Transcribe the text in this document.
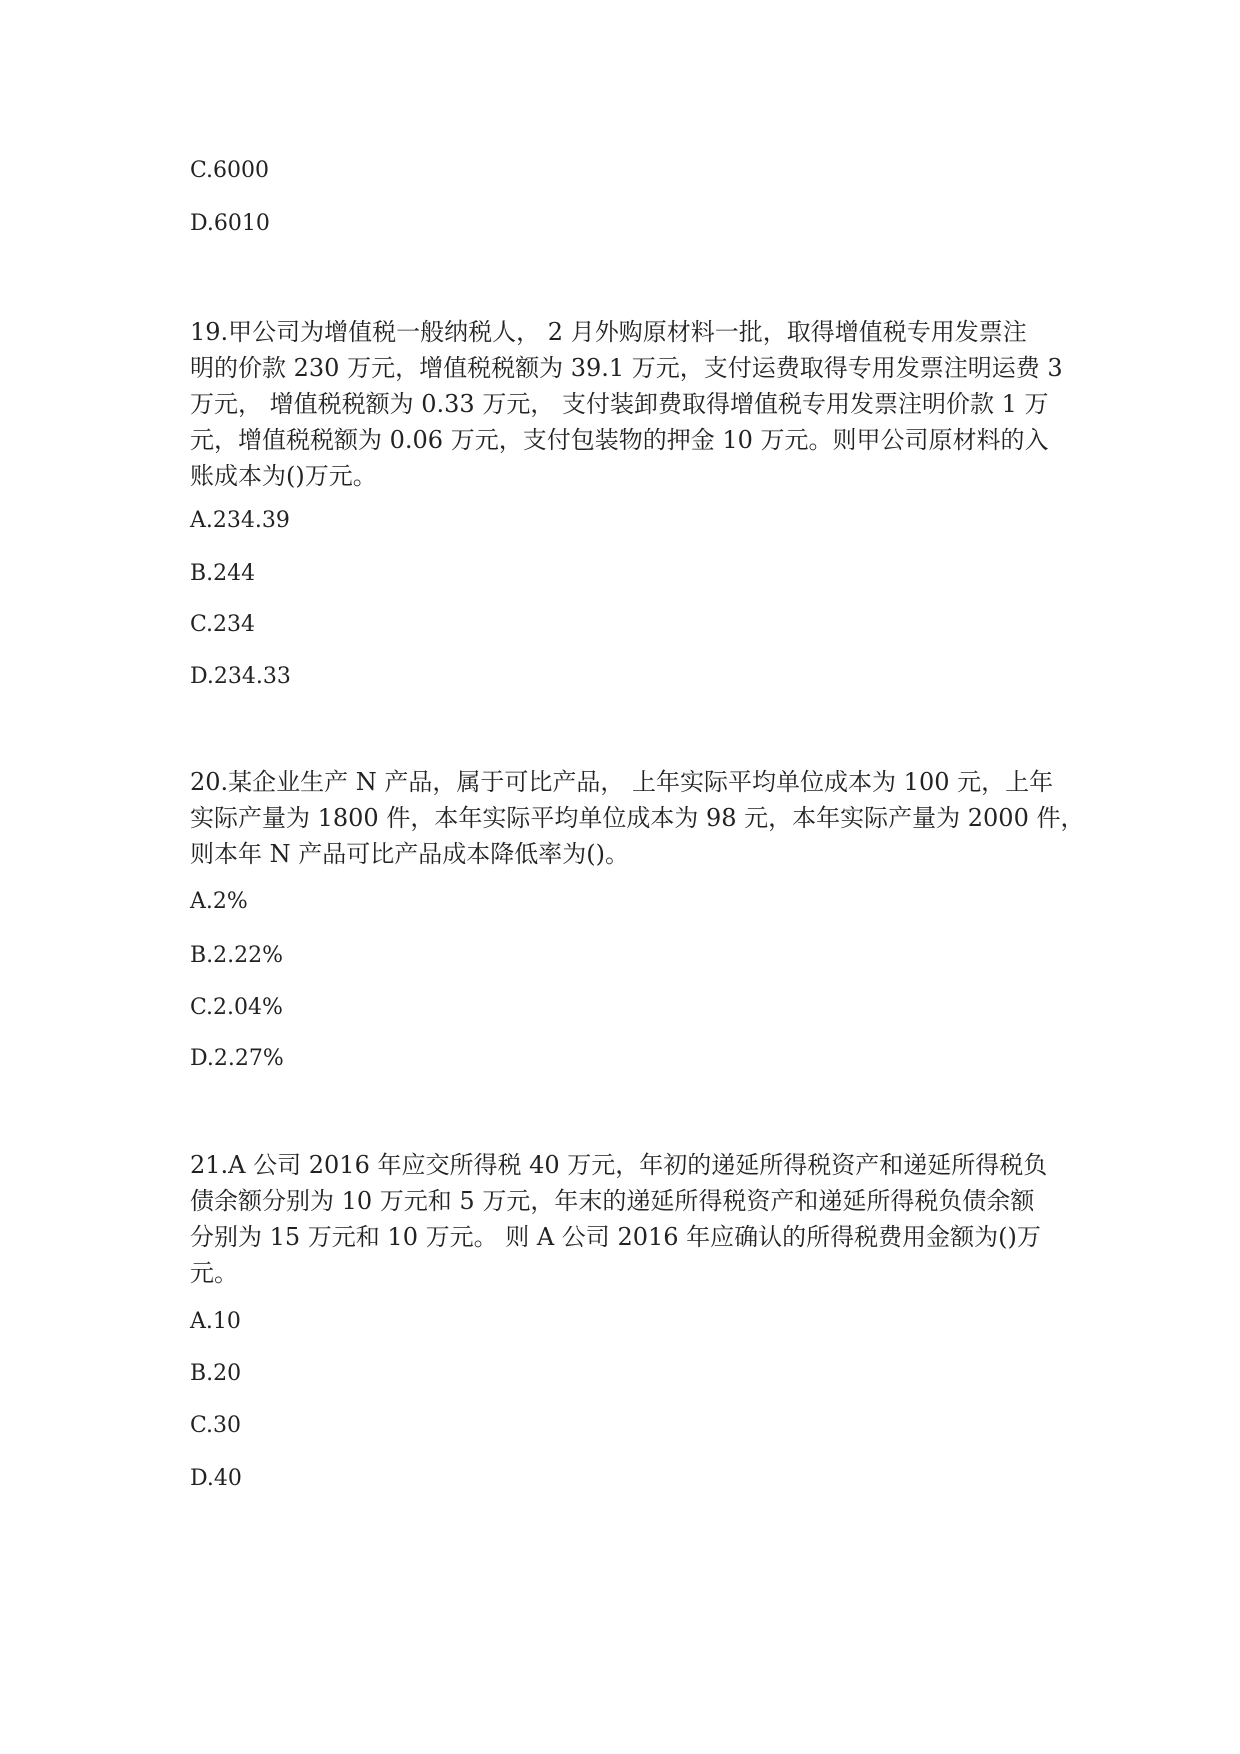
C.6000
D.6010
19.甲公司为增值税一般纳税人， 2 月外购原材料一批，取得增值税专用发票注
明的价款 230 万元，增值税税额为 39.1 万元，支付运费取得专用发票注明运费 3
万元， 增值税税额为 0.33 万元， 支付装卸费取得增值税专用发票注明价款 1 万
元，增值税税额为 0.06 万元，支付包装物的押金 10 万元。则甲公司原材料的入
账成本为()万元。
A.234.39
B.244
C.234
D.234.33
20.某企业生产 N 产品，属于可比产品， 上年实际平均单位成本为 100 元，上年
实际产量为 1800 件，本年实际平均单位成本为 98 元，本年实际产量为 2000 件，
则本年 N 产品可比产品成本降低率为()。
A.2%
B.2.22%
C.2.04%
D.2.27%
21.A 公司 2016 年应交所得税 40 万元，年初的递延所得税资产和递延所得税负
债余额分别为 10 万元和 5 万元，年末的递延所得税资产和递延所得税负债余额
分别为 15 万元和 10 万元。 则 A 公司 2016 年应确认的所得税费用金额为()万
元。
A.10
B.20
C.30
D.40
